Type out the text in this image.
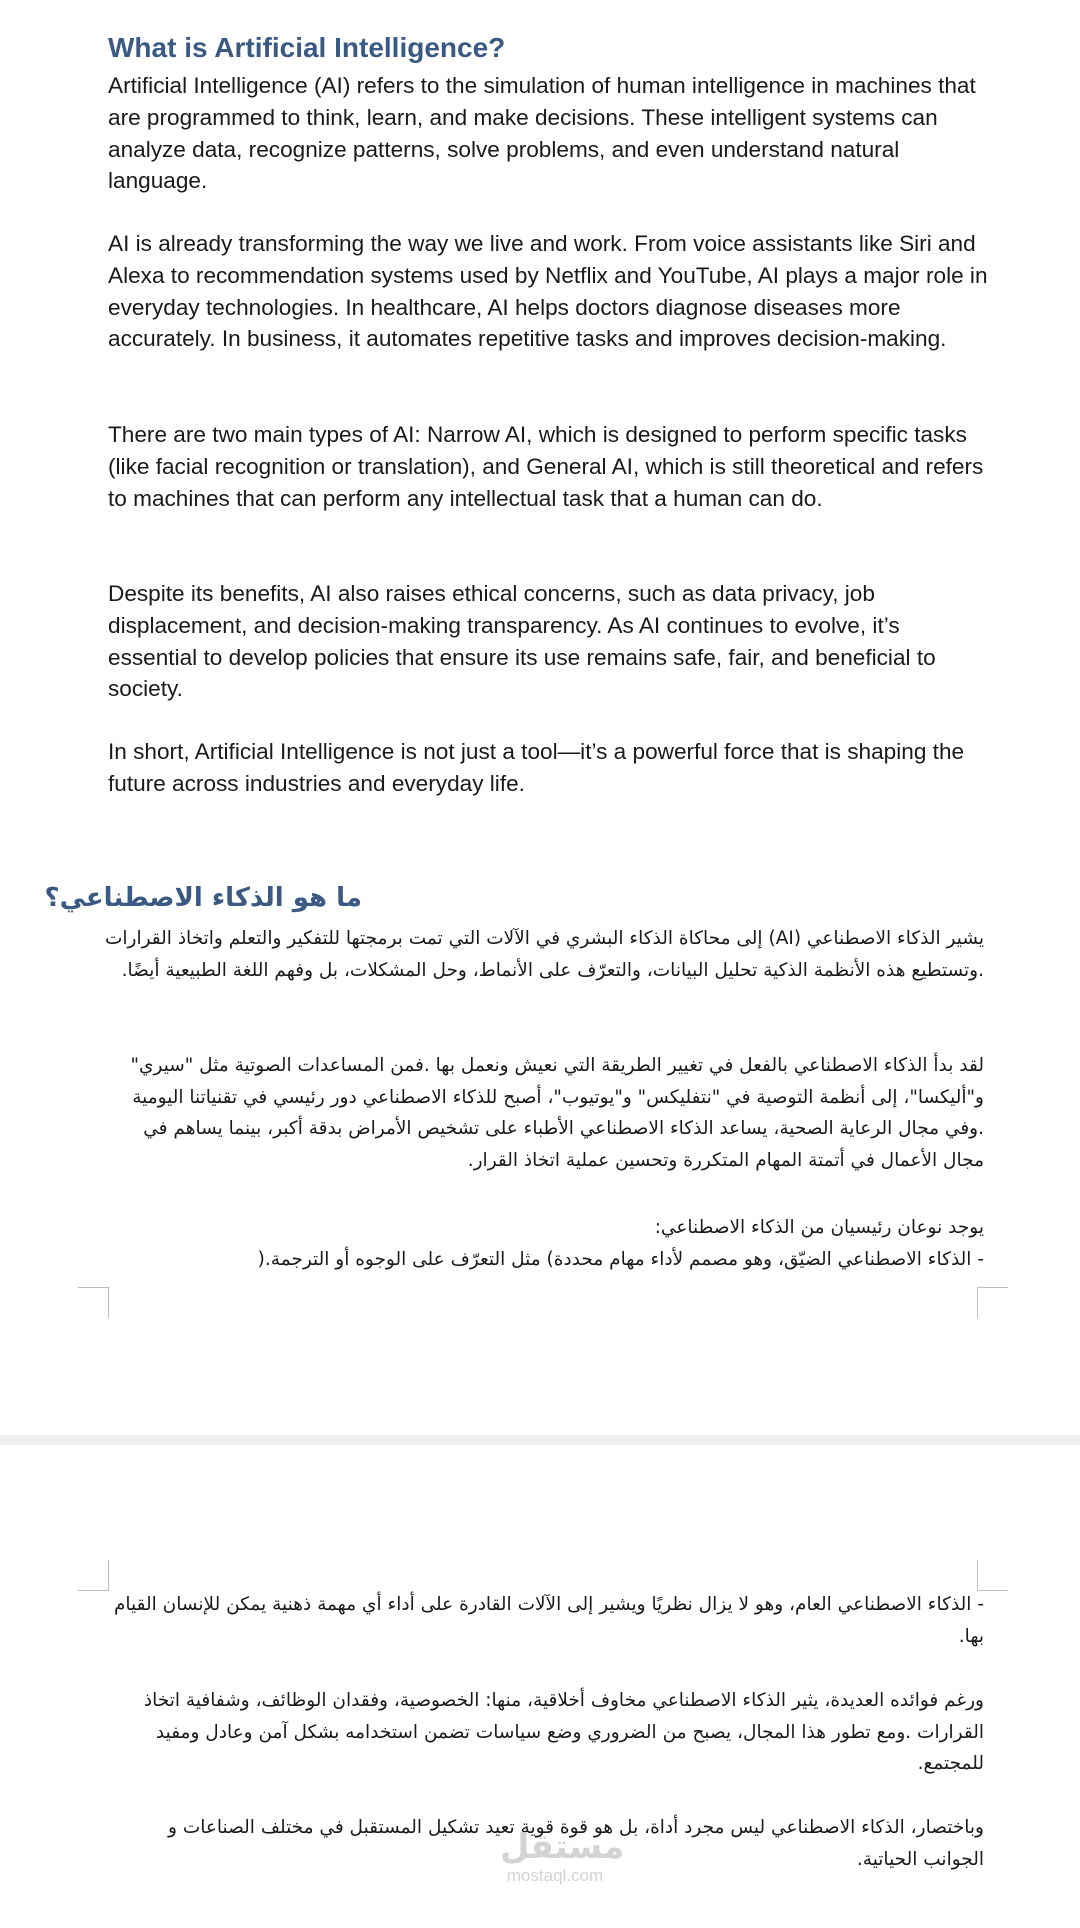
What is Artificial Intelligence?

Artificial Intelligence (AI) refers to the simulation of human intelligence in machines that are programmed to think, learn, and make decisions. These intelligent systems can analyze data, recognize patterns, solve problems, and even understand natural language.

AI is already transforming the way we live and work. From voice assistants like Siri and Alexa to recommendation systems used by Netflix and YouTube, AI plays a major role in everyday technologies. In healthcare, AI helps doctors diagnose diseases more accurately. In business, it automates repetitive tasks and improves decision-making.

There are two main types of AI: Narrow AI, which is designed to perform specific tasks (like facial recognition or translation), and General AI, which is still theoretical and refers to machines that can perform any intellectual task that a human can do.

Despite its benefits, AI also raises ethical concerns, such as data privacy, job displacement, and decision-making transparency. As AI continues to evolve, it’s essential to develop policies that ensure its use remains safe, fair, and beneficial to society.

In short, Artificial Intelligence is not just a tool—it’s a powerful force that is shaping the future across industries and everyday life.

ما هو الذكاء الاصطناعي؟

يشير الذكاء الاصطناعي (AI) إلى محاكاة الذكاء البشري في الآلات التي تمت برمجتها للتفكير والتعلم واتخاذ القرارات .وتستطيع هذه الأنظمة الذكية تحليل البيانات، والتعرّف على الأنماط، وحل المشكلات، بل وفهم اللغة الطبيعية أيضًا.

لقد بدأ الذكاء الاصطناعي بالفعل في تغيير الطريقة التي نعيش ونعمل بها .فمن المساعدات الصوتية مثل "سيري" و"أليكسا"، إلى أنظمة التوصية في "نتفليكس" و"يوتيوب"، أصبح للذكاء الاصطناعي دور رئيسي في تقنياتنا اليومية .وفي مجال الرعاية الصحية، يساعد الذكاء الاصطناعي الأطباء على تشخيص الأمراض بدقة أكبر، بينما يساهم في مجال الأعمال في أتمتة المهام المتكررة وتحسين عملية اتخاذ القرار.

يوجد نوعان رئيسيان من الذكاء الاصطناعي:

- الذكاء الاصطناعي الضيّق، وهو مصمم لأداء مهام محددة) مثل التعرّف على الوجوه أو الترجمة.(

- الذكاء الاصطناعي العام، وهو لا يزال نظريًا ويشير إلى الآلات القادرة على أداء أي مهمة ذهنية يمكن للإنسان القيام بها.

ورغم فوائده العديدة، يثير الذكاء الاصطناعي مخاوف أخلاقية، منها: الخصوصية، وفقدان الوظائف، وشفافية اتخاذ القرارات .ومع تطور هذا المجال، يصبح من الضروري وضع سياسات تضمن استخدامه بشكل آمن وعادل ومفيد للمجتمع.

وباختصار، الذكاء الاصطناعي ليس مجرد أداة، بل هو قوة قوية تعيد تشكيل المستقبل في مختلف الصناعات و الجوانب الحياتية.

مستقل
mostaql.com
